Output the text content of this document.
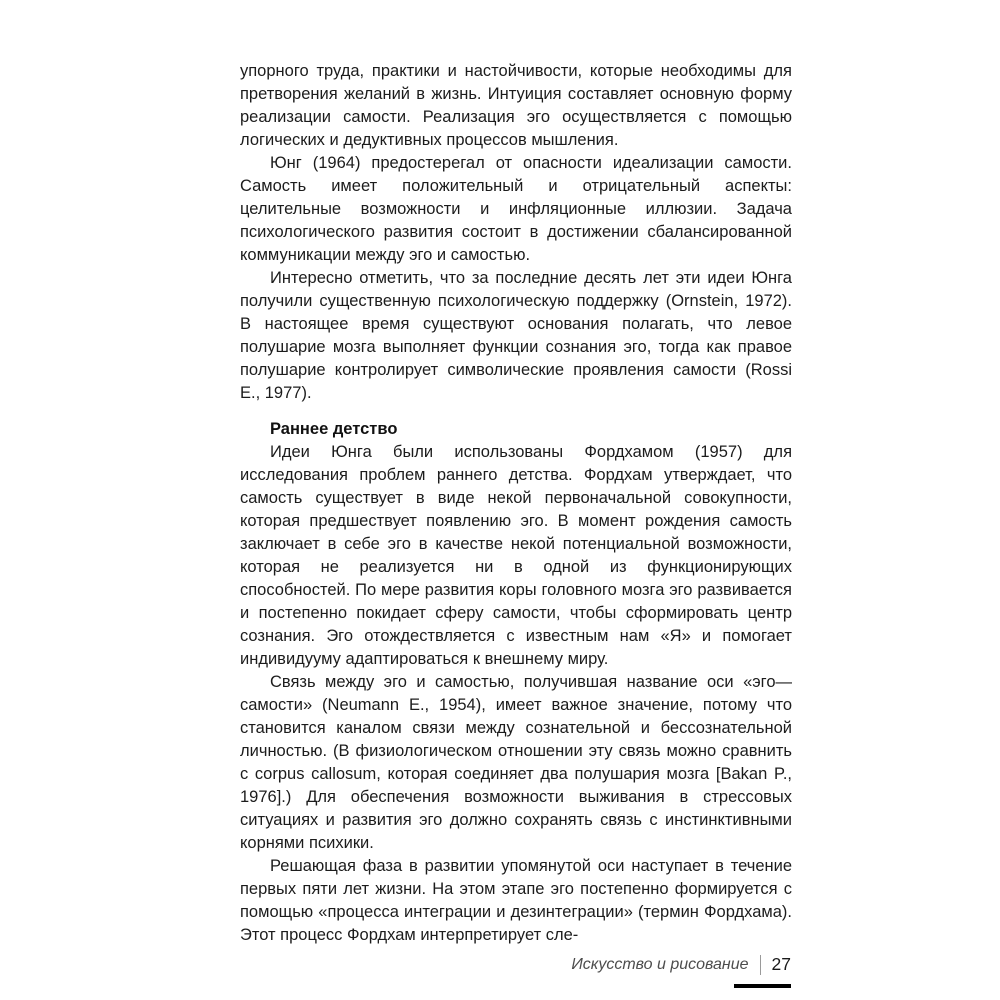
упорного труда, практики и настойчивости, которые необходимы для претворения желаний в жизнь. Интуиция составляет основную форму реализации самости. Реализация эго осуществляется с помощью логических и дедуктивных процессов мышления.

Юнг (1964) предостерегал от опасности идеализации самости. Самость имеет положительный и отрицательный аспекты: целительные возможности и инфляционные иллюзии. Задача психологического развития состоит в достижении сбалансированной коммуникации между эго и самостью.

Интересно отметить, что за последние десять лет эти идеи Юнга получили существенную психологическую поддержку (Ornstein, 1972). В настоящее время существуют основания полагать, что левое полушарие мозга выполняет функции сознания эго, тогда как правое полушарие контролирует символические проявления самости (Rossi E., 1977).

Раннее детство

Идеи Юнга были использованы Фордхамом (1957) для исследования проблем раннего детства. Фордхам утверждает, что самость существует в виде некой первоначальной совокупности, которая предшествует появлению эго. В момент рождения самость заключает в себе эго в качестве некой потенциальной возможности, которая не реализуется ни в одной из функционирующих способностей. По мере развития коры головного мозга эго развивается и постепенно покидает сферу самости, чтобы сформировать центр сознания. Эго отождествляется с известным нам «Я» и помогает индивидууму адаптироваться к внешнему миру.

Связь между эго и самостью, получившая название оси «эго—самости» (Neumann E., 1954), имеет важное значение, потому что становится каналом связи между сознательной и бессознательной личностью. (В физиологическом отношении эту связь можно сравнить с corpus callosum, которая соединяет два полушария мозга [Bakan P., 1976].) Для обеспечения возможности выживания в стрессовых ситуациях и развития эго должно сохранять связь с инстинктивными корнями психики.

Решающая фаза в развитии упомянутой оси наступает в течение первых пяти лет жизни. На этом этапе эго постепенно формируется с помощью «процесса интеграции и дезинтеграции» (термин Фордхама). Этот процесс Фордхам интерпретирует сле-

Искусство и рисование 27
